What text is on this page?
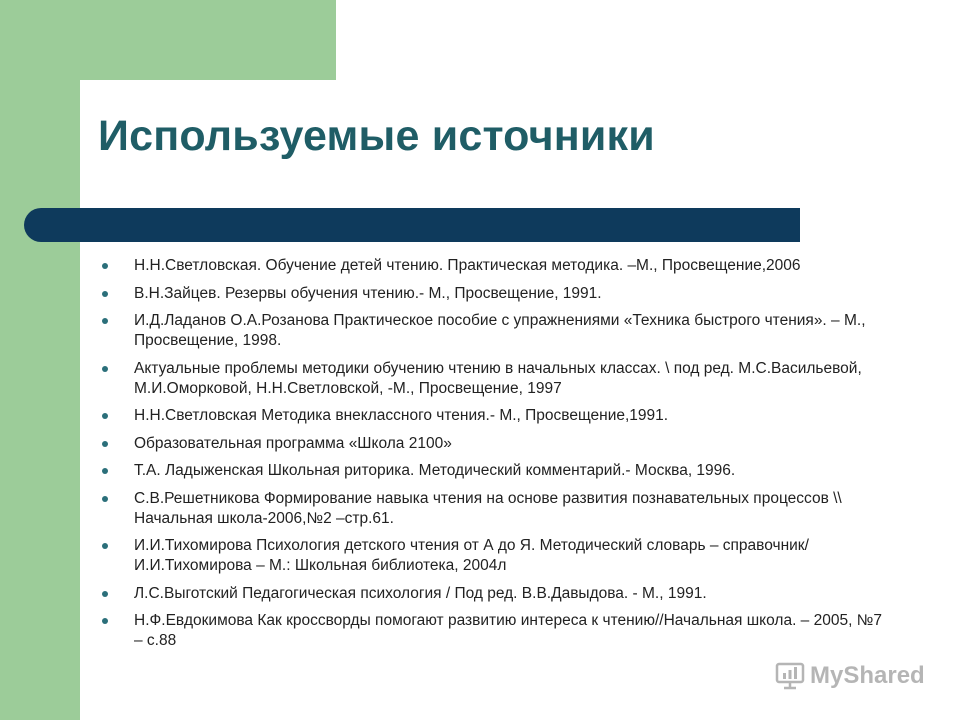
Используемые источники
Н.Н.Светловская. Обучение детей чтению. Практическая методика. –М., Просвещение,2006
В.Н.Зайцев. Резервы обучения чтению.- М., Просвещение, 1991.
И.Д.Ладанов О.А.Розанова Практическое пособие с упражнениями «Техника быстрого чтения». – М., Просвещение, 1998.
Актуальные проблемы методики обучению чтению в начальных классах. \ под ред. М.С.Васильевой, М.И.Оморковой, Н.Н.Светловской, -М., Просвещение, 1997
Н.Н.Светловская Методика внеклассного чтения.- М., Просвещение,1991.
Образовательная программа «Школа 2100»
Т.А. Ладыженская Школьная риторика. Методический комментарий.- Москва, 1996.
С.В.Решетникова Формирование навыка чтения на основе развития познавательных процессов \\ Начальная школа-2006,№2 –стр.61.
И.И.Тихомирова Психология детского чтения от А до Я. Методический словарь – справочник/ И.И.Тихомирова – М.: Школьная библиотека, 2004л
Л.С.Выготский Педагогическая психология / Под ред. В.В.Давыдова. - М., 1991.
Н.Ф.Евдокимова Как кроссворды помогают развитию интереса к чтению//Начальная школа. – 2005, №7 – с.88
MyShared
